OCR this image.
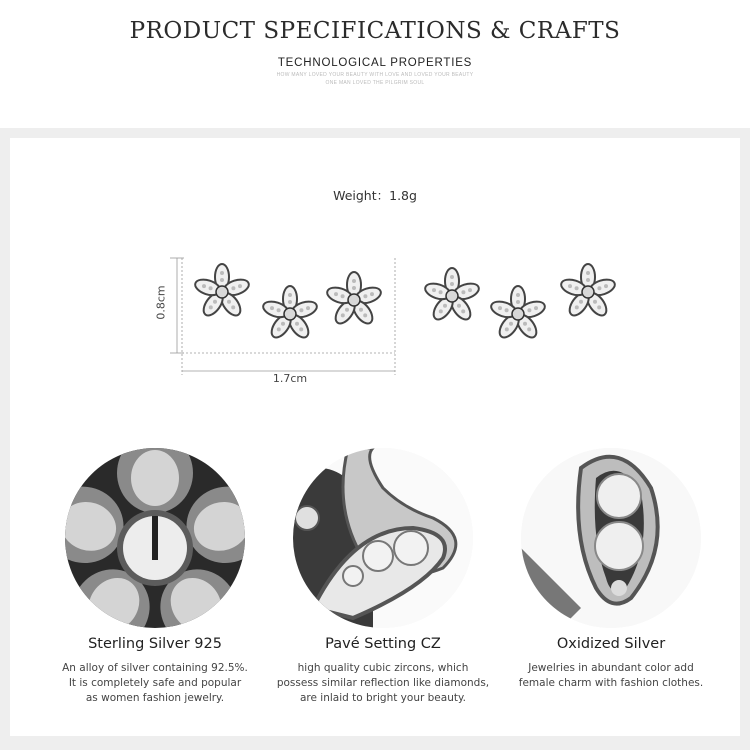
PRODUCT SPECIFICATIONS & CRAFTS
TECHNOLOGICAL PROPERTIES
HOW MANY LOVED YOUR BEAUTY WITH LOVE AND LOVED YOUR BEAUTY
ONE MAN LOVED THE PILGRIM SOUL
Weight：1.8g
0.8cm
1.7cm
Sterling Silver 925
An alloy of silver containing 92.5%.
It is completely safe and popular
as women fashion jewelry.
Pavé Setting CZ
high quality cubic zircons, which
possess similar reflection like diamonds,
are inlaid to bright your beauty.
Oxidized Silver
Jewelries in abundant color add
female charm with fashion clothes.
